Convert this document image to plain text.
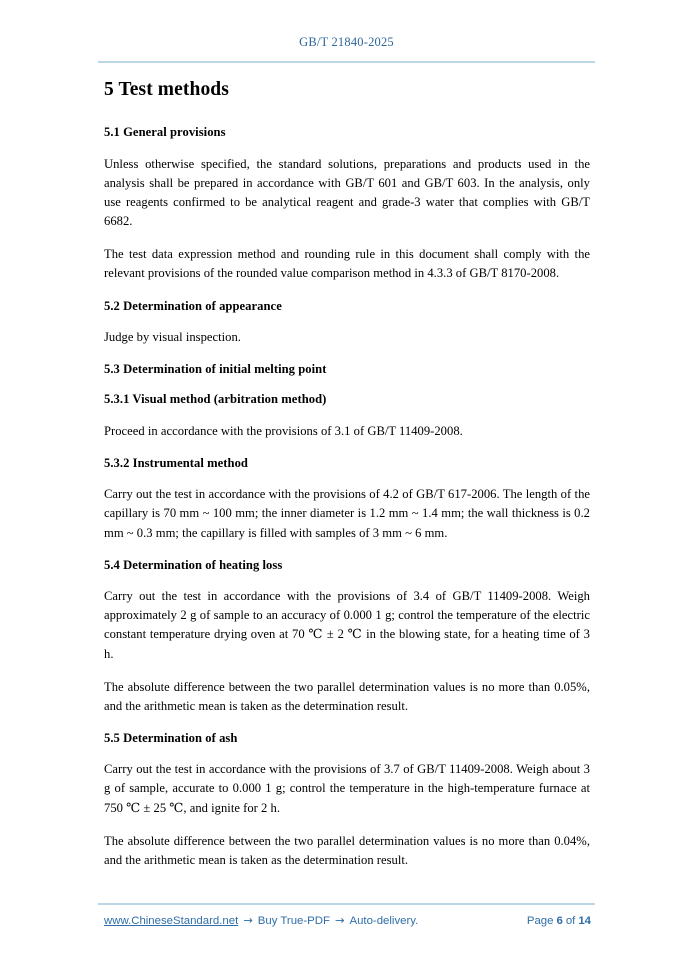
GB/T 21840-2025
5 Test methods
5.1 General provisions

Unless otherwise specified, the standard solutions, preparations and products used in the analysis shall be prepared in accordance with GB/T 601 and GB/T 603. In the analysis, only use reagents confirmed to be analytical reagent and grade-3 water that complies with GB/T 6682.

The test data expression method and rounding rule in this document shall comply with the relevant provisions of the rounded value comparison method in 4.3.3 of GB/T 8170-2008.

5.2 Determination of appearance

Judge by visual inspection.

5.3 Determination of initial melting point
5.3.1 Visual method (arbitration method)

Proceed in accordance with the provisions of 3.1 of GB/T 11409-2008.

5.3.2 Instrumental method

Carry out the test in accordance with the provisions of 4.2 of GB/T 617-2006. The length of the capillary is 70 mm ~ 100 mm; the inner diameter is 1.2 mm ~ 1.4 mm; the wall thickness is 0.2 mm ~ 0.3 mm; the capillary is filled with samples of 3 mm ~ 6 mm.

5.4 Determination of heating loss

Carry out the test in accordance with the provisions of 3.4 of GB/T 11409-2008. Weigh approximately 2 g of sample to an accuracy of 0.000 1 g; control the temperature of the electric constant temperature drying oven at 70 ℃ ± 2 ℃ in the blowing state, for a heating time of 3 h.

The absolute difference between the two parallel determination values is no more than 0.05%, and the arithmetic mean is taken as the determination result.

5.5 Determination of ash

Carry out the test in accordance with the provisions of 3.7 of GB/T 11409-2008. Weigh about 3 g of sample, accurate to 0.000 1 g; control the temperature in the high-temperature furnace at 750 ℃ ± 25 ℃, and ignite for 2 h.

The absolute difference between the two parallel determination values is no more than 0.04%, and the arithmetic mean is taken as the determination result.

www.ChineseStandard.net → Buy True-PDF → Auto-delivery.	Page 6 of 14
